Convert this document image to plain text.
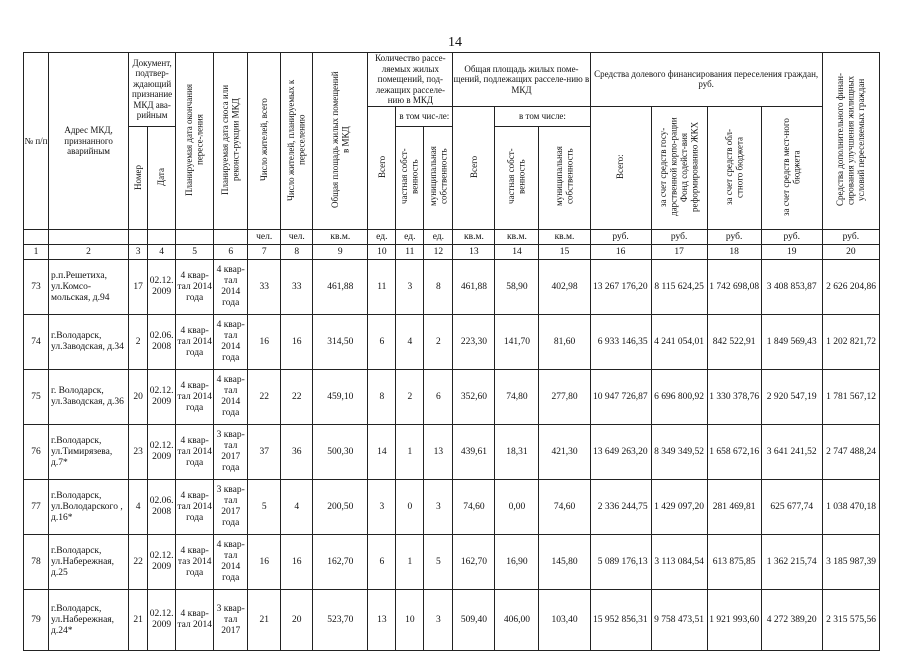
14
№ п/п	Адрес МКД, признанного аварийным	Документ, подтвер-ждающий признание МКД ава-рийным		Планируемая дата окончания пересе-ления	Планируемая дата сноса или реконст-рукции МКД	Число жителей, всего	Число жителей, планируемых к переселению	Общая площадь жилых помещений в МКД	Количество рассе-ляемых жилых помещений, под-лежащих расселе-нию в МКД			Общая площадь жилых поме-щений, подлежащих расселе-нию в МКД			Средства долевого финансирования переселения граждан, руб.				Средства дополнительного финан-сирования улучшения жилищных условий переселяемых граждан
									Всего	в том чис-ле:		Всего	в том числе:		Всего:	за счет средств госу-дарственной корпо-рации Фонд содейст-вия реформированию ЖКХ	за счет средств обл-стного бюджета	за счет средств мест-ного бюджета	
		Номер	Дата							частная собст-венность	муниципальная собственность		частная собст-венность	муниципальная собственность					
						чел.	чел.	кв.м.	ед.	ед.	ед.	кв.м.	кв.м.	кв.м.	руб.	руб.	руб.	руб.	руб.
1	2	3	4	5	6	7	8	9	10	11	12	13	14	15	16	17	18	19	20
73	р.п.Решетиха, ул.Комсо-мольская, д.94	17	02.12. 2009	4 квар-тал 2014 года	4 квар-тал 2014 года	33	33	461,88	11	3	8	461,88	58,90	402,98	13 267 176,20	8 115 624,25	1 742 698,08	3 408 853,87	2 626 204,86
74	г.Володарск, ул.Заводская, д.34	2	02.06. 2008	4 квар-тал 2014 года	4 квар-тал 2014 года	16	16	314,50	6	4	2	223,30	141,70	81,60	6 933 146,35	4 241 054,01	842 522,91	1 849 569,43	1 202 821,72
75	г. Володарск, ул.Заводская, д.36	20	02.12. 2009	4 квар-тал 2014 года	4 квар-тал 2014 года	22	22	459,10	8	2	6	352,60	74,80	277,80	10 947 726,87	6 696 800,92	1 330 378,76	2 920 547,19	1 781 567,12
76	г.Володарск, ул.Тимирязева, д.7*	23	02.12. 2009	4 квар-тал 2014 года	3 квар-тал 2017 года	37	36	500,30	14	1	13	439,61	18,31	421,30	13 649 263,20	8 349 349,52	1 658 672,16	3 641 241,52	2 747 488,24
77	г.Володарск, ул.Володарского , д.16*	4	02.06. 2008	4 квар-тал 2014 года	3 квар-тал 2017 года	5	4	200,50	3	0	3	74,60	0,00	74,60	2 336 244,75	1 429 097,20	281 469,81	625 677,74	1 038 470,18
78	г.Володарск, ул.Набережная, д.25	22	02.12. 2009	4 квар-таз 2014 года	4 квар-тал 2014 года	16	16	162,70	6	1	5	162,70	16,90	145,80	5 089 176,13	3 113 084,54	613 875,85	1 362 215,74	3 185 987,39
79	г.Володарск, ул.Набережная, д.24*	21	02.12. 2009	4 квар-тал 2014	3 квар-тал 2017	21	20	523,70	13	10	3	509,40	406,00	103,40	15 952 856,31	9 758 473,51	1 921 993,60	4 272 389,20	2 315 575,56
